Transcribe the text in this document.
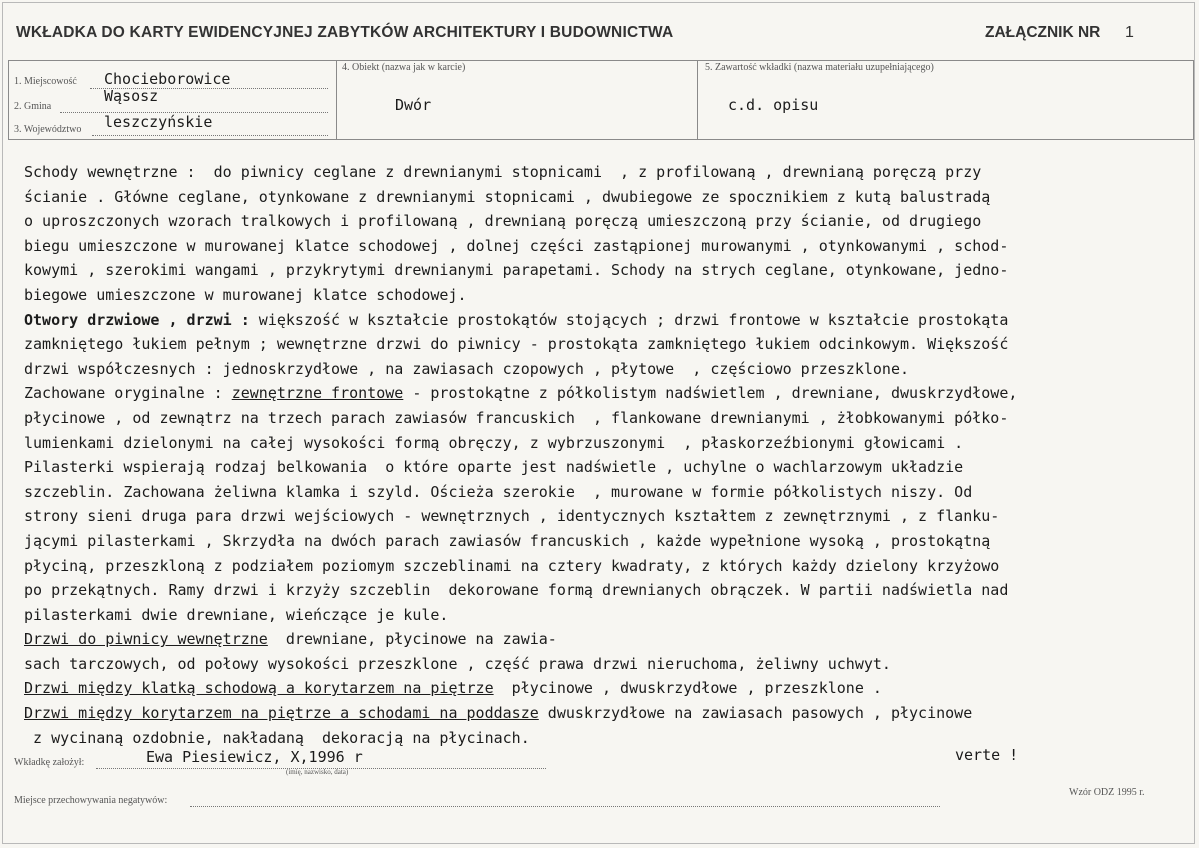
WKŁADKA DO KARTY EWIDENCYJNEJ ZABYTKÓW ARCHITEKTURY I BUDOWNICTWA	ZAŁĄCZNIK NR 1
1. Miejscowość Chocieborowice
2. Gmina
Wąsosz
3. Województwo leszczyńskie
4. Obiekt (nazwa jak w karcie)
Dwór
5. Zawartość wkładki (nazwa materiału uzupełniającego)
c.d. opisu
Schody wewnętrzne :  do piwnicy ceglane z drewnianymi stopnicami  , z profilowaną , drewnianą poręczą przy
ścianie . Główne ceglane, otynkowane z drewnianymi stopnicami , dwubiegowe ze spocznikiem z kutą balustradą
o uproszczonych wzorach tralkowych i profilowaną , drewnianą poręczą umieszczoną przy ścianie, od drugiego
biegu umieszczone w murowanej klatce schodowej , dolnej części zastąpionej murowanymi , otynkowanymi , schod-
kowymi , szerokimi wangami , przykrytymi drewnianymi parapetami. Schody na strych ceglane, otynkowane, jedno-
biegowe umieszczone w murowanej klatce schodowej.
Otwory drzwiowe , drzwi : większość w kształcie prostokątów stojących ; drzwi frontowe w kształcie prostokąta
zamkniętego łukiem pełnym ; wewnętrzne drzwi do piwnicy - prostokąta zamkniętego łukiem odcinkowym. Większość
drzwi współczesnych : jednoskrzydłowe , na zawiasach czopowych , płytowe  , częściowo przeszklone.
Zachowane oryginalne : zewnętrzne frontowe - prostokątne z półkolistym nadświetlem , drewniane, dwuskrzydłowe,
płycinowe , od zewnątrz na trzech parach zawiasów francuskich  , flankowane drewnianymi , żłobkowanymi półko-
lumienkami dzielonymi na całej wysokości formą obręczy, z wybrzuszonymi  , płaskorzeźbionymi głowicami .
Pilasterki wspierają rodzaj belkowania  o które oparte jest nadświetle , uchylne o wachlarzowym układzie
szczeblin. Zachowana żeliwna klamka i szyld. Ościeża szerokie  , murowane w formie półkolistych niszy. Od
strony sieni druga para drzwi wejściowych - wewnętrznych , identycznych kształtem z zewnętrznymi , z flanku-
jącymi pilasterkami , Skrzydła na dwóch parach zawiasów francuskich , każde wypełnione wysoką , prostokątną
płyciną, przeszkloną z podziałem poziomym szczeblinami na cztery kwadraty, z których każdy dzielony krzyżowo
po przekątnych. Ramy drzwi i krzyży szczeblin  dekorowane formą drewnianych obrączek. W partii nadświetla nad
pilasterkami dwie drewniane, wieńczące je kule.
Drzwi do piwnicy wewnętrzne  drewniane, płycinowe na zawia-
sach tarczowych, od połowy wysokości przeszklone , część prawa drzwi nieruchoma, żeliwny uchwyt.
Drzwi między klatką schodową a korytarzem na piętrze  płycinowe , dwuskrzydłowe , przeszklone .
Drzwi między korytarzem na piętrze a schodami na poddasze dwuskrzydłowe na zawiasach pasowych , płycinowe
z wycinaną ozdobnie, nakładaną  dekoracją na płycinach.
Wkładkę założył:	Ewa Piesiewicz, X,1996 r
(imię, nazwisko, data)
verte !
Miejsce przechowywania negatywów:
Wzór ODZ 1995 r.
